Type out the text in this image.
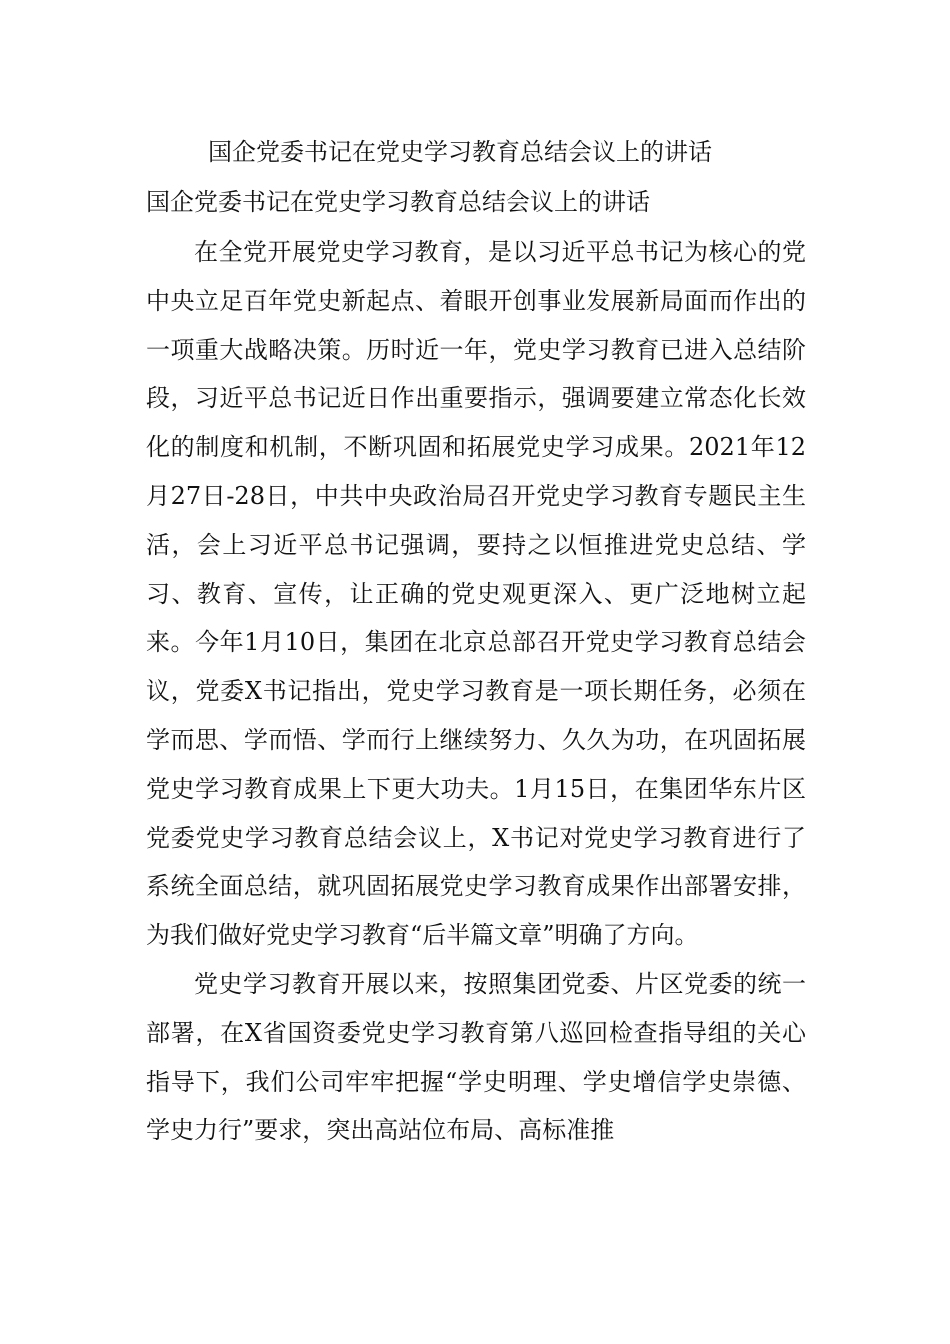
国企党委书记在党史学习教育总结会议上的讲话
国企党委书记在党史学习教育总结会议上的讲话

在全党开展党史学习教育，是以习近平总书记为核心的党中央立足百年党史新起点、着眼开创事业发展新局面而作出的一项重大战略决策。历时近一年，党史学习教育已进入总结阶段，习近平总书记近日作出重要指示，强调要建立常态化长效化的制度和机制，不断巩固和拓展党史学习成果。2021年12月27日-28日，中共中央政治局召开党史学习教育专题民主生活，会上习近平总书记强调，要持之以恒推进党史总结、学习、教育、宣传，让正确的党史观更深入、更广泛地树立起来。今年1月10日，集团在北京总部召开党史学习教育总结会议，党委X书记指出，党史学习教育是一项长期任务，必须在学而思、学而悟、学而行上继续努力、久久为功，在巩固拓展党史学习教育成果上下更大功夫。1月15日，在集团华东片区党委党史学习教育总结会议上，X书记对党史学习教育进行了系统全面总结，就巩固拓展党史学习教育成果作出部署安排，为我们做好党史学习教育“后半篇文章”明确了方向。

党史学习教育开展以来，按照集团党委、片区党委的统一部署，在X省国资委党史学习教育第八巡回检查指导组的关心指导下，我们公司牢牢把握“学史明理、学史增信学史崇德、学史力行”要求，突出高站位布局、高标准推
